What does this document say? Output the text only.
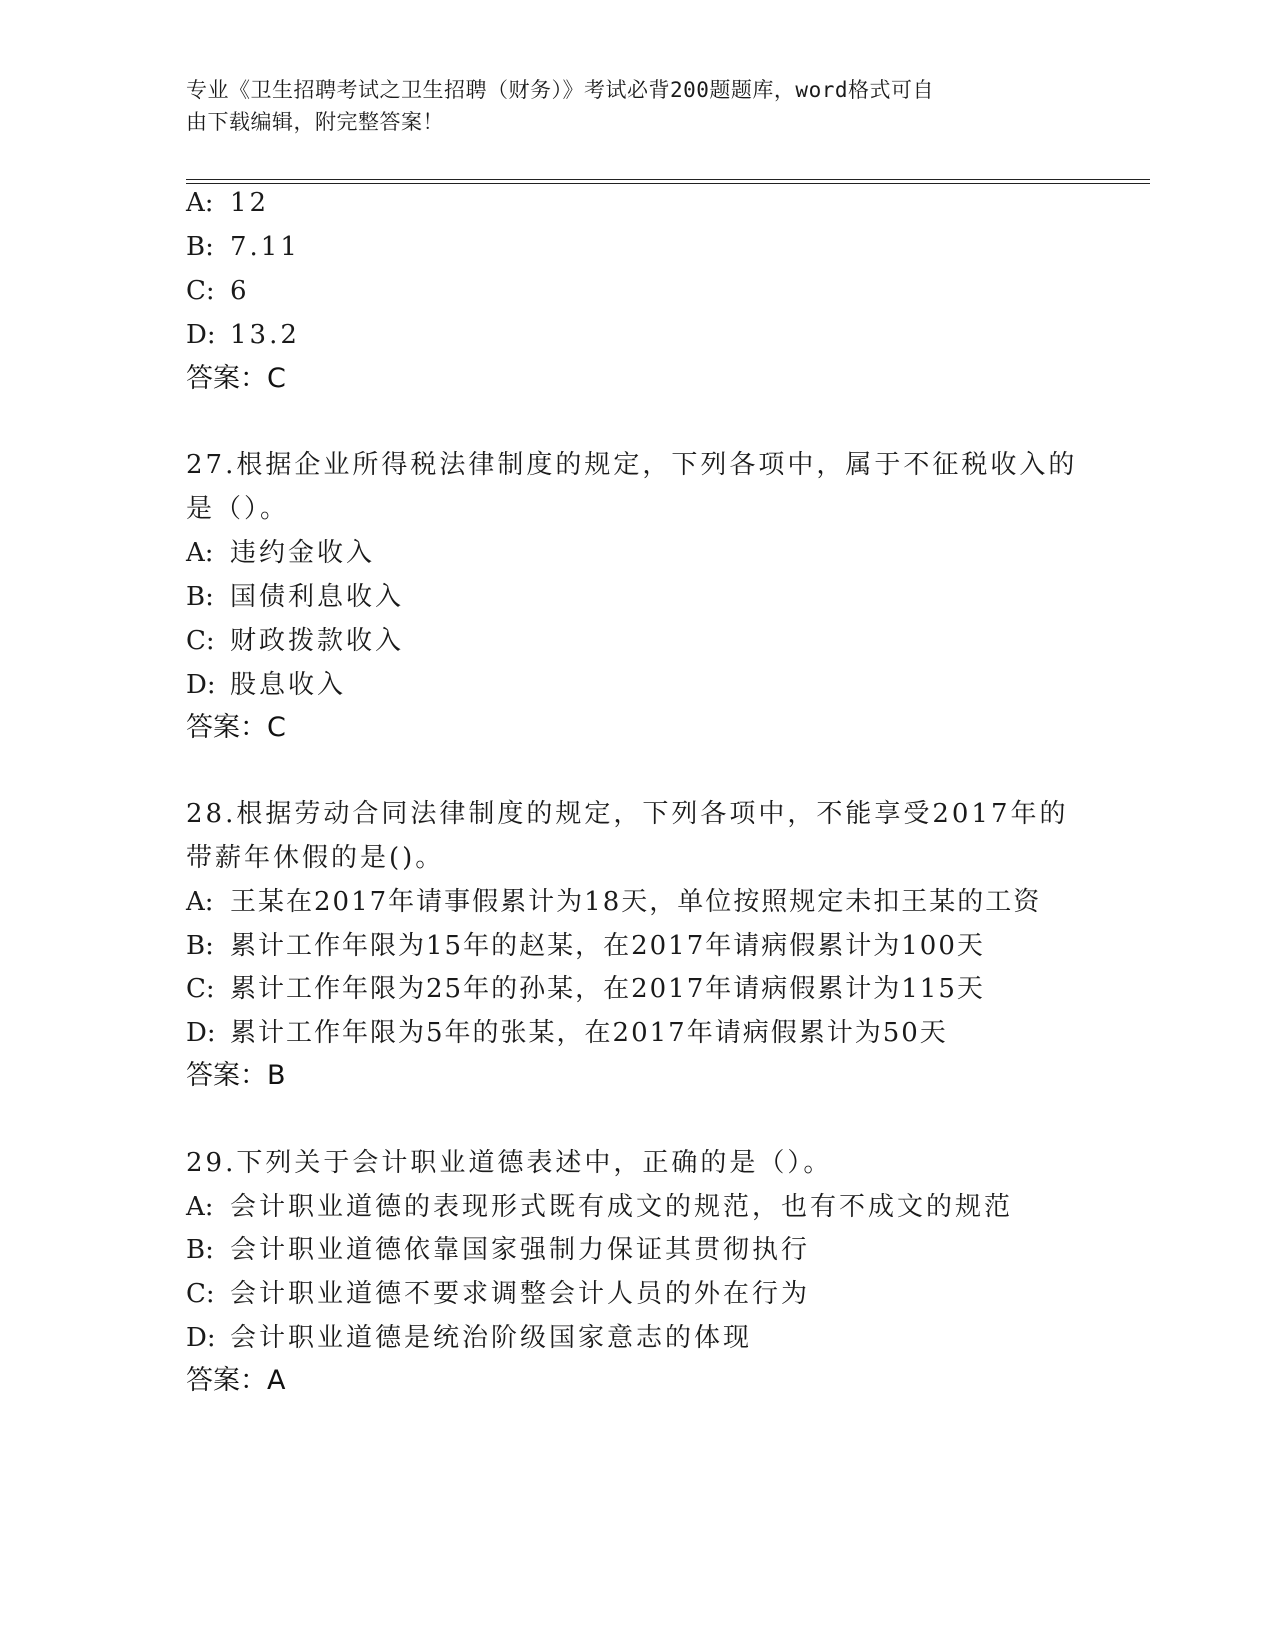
专业《卫生招聘考试之卫生招聘（财务）》考试必背200题题库，word格式可自
由下载编辑，附完整答案！
A: 12
B: 7.11
C: 6
D: 13.2
答案：C
27.根据企业所得税法律制度的规定，下列各项中，属于不征税收入的
是（）。
A: 违约金收入
B: 国债利息收入
C: 财政拨款收入
D: 股息收入
答案：C
28.根据劳动合同法律制度的规定，下列各项中，不能享受2017年的
带薪年休假的是()。
A: 王某在2017年请事假累计为18天，单位按照规定未扣王某的工资
B: 累计工作年限为15年的赵某，在2017年请病假累计为100天
C: 累计工作年限为25年的孙某，在2017年请病假累计为115天
D: 累计工作年限为5年的张某，在2017年请病假累计为50天
答案：B
29.下列关于会计职业道德表述中，正确的是（）。
A: 会计职业道德的表现形式既有成文的规范，也有不成文的规范
B: 会计职业道德依靠国家强制力保证其贯彻执行
C: 会计职业道德不要求调整会计人员的外在行为
D: 会计职业道德是统治阶级国家意志的体现
答案：A
